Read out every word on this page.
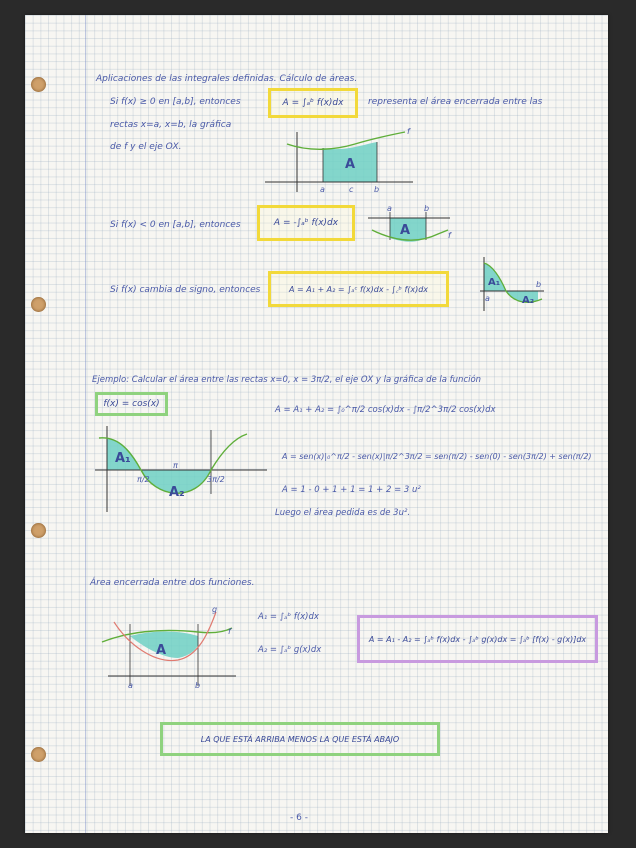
Aplicaciones de las integrales definidas. Cálculo de áreas.
Si f(x) ≥ 0 en [a,b], entonces	A = ∫ₐᵇ f(x)dx	representa el área encerrada entre las
rectas x=a, x=b, la gráfica
de f y el eje OX.
A
f
a	c	b
Si f(x) < 0 en [a,b], entonces	A = -∫ₐᵇ f(x)dx	A
a	b
f
Si f(x) cambia de signo, entonces	A = A₁ + A₂ = ∫ₐᶜ f(x)dx - ∫꜀ᵇ f(x)dx
A₁
A₂
a
b
Ejemplo: Calcular el área entre las rectas x=0, x = 3π/2, el eje OX y la gráfica de la función
f(x) = cos(x)
A₁
A₂
π
π/2	3π/2
A = A₁ + A₂ = ∫₀^π/2 cos(x)dx - ∫π/2^3π/2 cos(x)dx
A = sen(x)|₀^π/2 - sen(x)|π/2^3π/2 = sen(π/2) - sen(0) - sen(3π/2) + sen(π/2)
A = 1 - 0 + 1 + 1 = 1 + 2 = 3 u²
Luego el área pedida es de 3u².
Área encerrada entre dos funciones.
A
g
f
a	b
A₁ = ∫ₐᵇ f(x)dx
A₂ = ∫ₐᵇ g(x)dx
A = A₁ - A₂ = ∫ₐᵇ f(x)dx - ∫ₐᵇ g(x)dx = ∫ₐᵇ [f(x) - g(x)]dx
LA QUE ESTÁ ARRIBA MENOS LA QUE ESTÁ ABAJO
- 6 -
